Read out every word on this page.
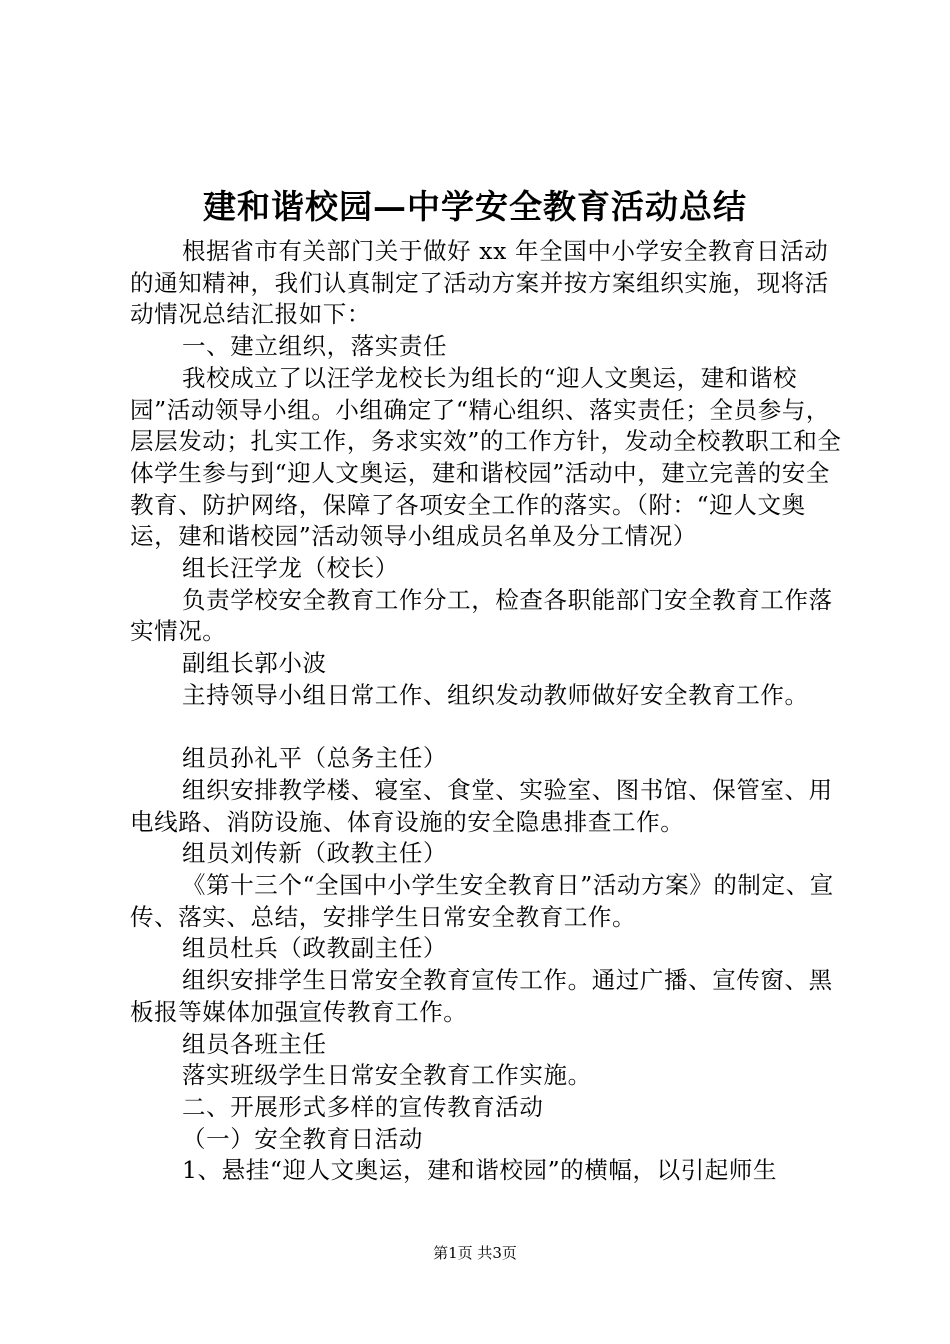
建和谐校园—中学安全教育活动总结

根据省市有关部门关于做好 xx 年全国中小学安全教育日活动的通知精神，我们认真制定了活动方案并按方案组织实施，现将活动情况总结汇报如下：

一、建立组织，落实责任

我校成立了以汪学龙校长为组长的“迎人文奥运，建和谐校园”活动领导小组。小组确定了“精心组织、落实责任；全员参与，层层发动；扎实工作，务求实效”的工作方针，发动全校教职工和全体学生参与到“迎人文奥运，建和谐校园”活动中，建立完善的安全教育、防护网络，保障了各项安全工作的落实。（附：“迎人文奥运，建和谐校园”活动领导小组成员名单及分工情况）

组长汪学龙（校长）

负责学校安全教育工作分工，检查各职能部门安全教育工作落实情况。

副组长郭小波

主持领导小组日常工作、组织发动教师做好安全教育工作。

组员孙礼平（总务主任）

组织安排教学楼、寝室、食堂、实验室、图书馆、保管室、用电线路、消防设施、体育设施的安全隐患排查工作。

组员刘传新（政教主任）

《第十三个“全国中小学生安全教育日”活动方案》的制定、宣传、落实、总结，安排学生日常安全教育工作。

组员杜兵（政教副主任）

组织安排学生日常安全教育宣传工作。通过广播、宣传窗、黑板报等媒体加强宣传教育工作。

组员各班主任

落实班级学生日常安全教育工作实施。

二、开展形式多样的宣传教育活动

（一）安全教育日活动

1、悬挂“迎人文奥运，建和谐校园”的横幅，以引起师生

第1页 共3页
